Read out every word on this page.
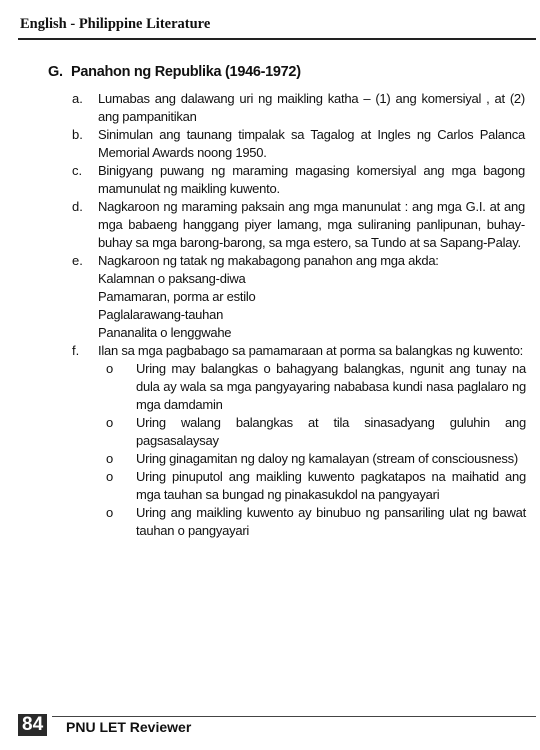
English - Philippine Literature
G. Panahon ng Republika (1946-1972)
a. Lumabas ang dalawang uri ng maikling katha – (1) ang komersiyal , at (2) ang pampanitikan
b. Sinimulan ang taunang timpalak sa Tagalog at Ingles ng Carlos Palanca Memorial Awards noong 1950.
c. Binigyang puwang ng maraming magasing komersiyal ang mga bagong mamunulat ng maikling kuwento.
d. Nagkaroon ng maraming paksain ang mga manunulat : ang mga G.I. at ang mga babaeng hanggang piyer lamang, mga suliraning panlipunan, buhay-buhay sa mga barong-barong, sa mga estero, sa Tundo at sa Sapang-Palay.
e. Nagkaroon ng tatak ng makabagong panahon ang mga akda:
Kalamnan o paksang-diwa
Pamamaran, porma ar estilo
Paglalarawang-tauhan
Pananalita o lenggwahe
f. Ilan sa mga pagbabago sa pamamaraan at porma sa balangkas ng kuwento:
o Uring may balangkas o bahagyang balangkas, ngunit ang tunay na dula ay wala sa mga pangyayaring nababasa kundi nasa paglalaro ng mga damdamin
o Uring walang balangkas at tila sinasadyang guluhin ang pagsasalaysay
o Uring ginagamitan ng daloy ng kamalayan (stream of consciousness)
o Uring pinuputol ang maikling kuwento pagkatapos na maihatid ang mga tauhan sa bungad ng pinakasukdol na pangyayari
o Uring ang maikling kuwento ay binubuo ng pansariling ulat ng bawat tauhan o pangyayari
84 PNU LET Reviewer
